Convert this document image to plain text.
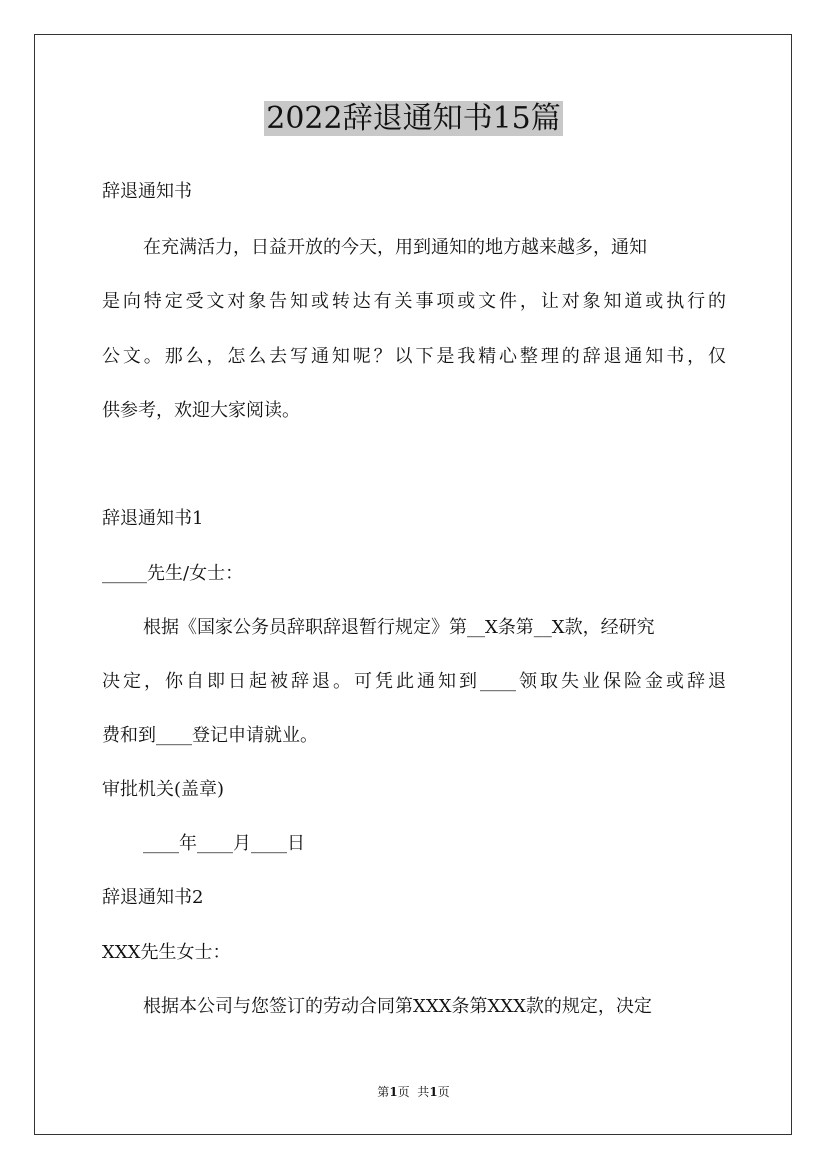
2022辞退通知书15篇
辞退通知书
在充满活力，日益开放的今天，用到通知的地方越来越多，通知
是向特定受文对象告知或转达有关事项或文件，让对象知道或执行的
公文。那么，怎么去写通知呢？以下是我精心整理的辞退通知书，仅
供参考，欢迎大家阅读。
辞退通知书1
_____先生/女士：
根据《国家公务员辞职辞退暂行规定》第__X条第__X款，经研究
决定，你自即日起被辞退。可凭此通知到____领取失业保险金或辞退
费和到____登记申请就业。
审批机关(盖章)
____年____月____日
辞退通知书2
XXX先生女士：
根据本公司与您签订的劳动合同第XXX条第XXX款的规定，决定
第1页  共1页
